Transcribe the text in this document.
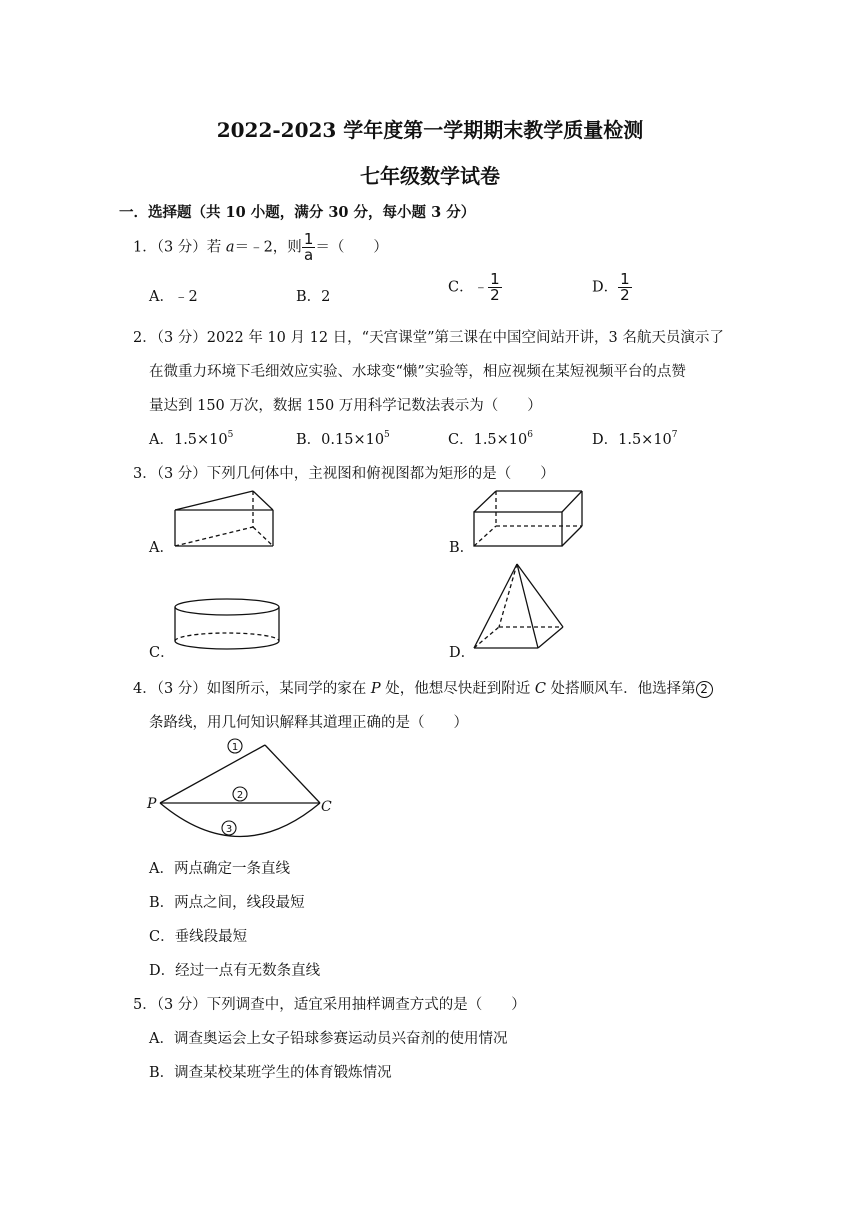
2022-2023 学年度第一学期期末教学质量检测
七年级数学试卷
一．选择题（共 10 小题，满分 30 分，每小题 3 分）
1．（3 分）若 a＝﹣2，则 $\frac{1}{a}$ ＝（　　）
A．﹣2	B．2
C．﹣ $\frac{1}{2}$	D． $\frac{1}{2}$
2．（3 分）2022 年 10 月 12 日，“天宫课堂”第三课在中国空间站开讲，3 名航天员演示了
在微重力环境下毛细效应实验、水球变“懒”实验等，相应视频在某短视频平台的点赞
量达到 150 万次，数据 150 万用科学记数法表示为（　　）
A．$1.5\times 10^5$	B．$0.15\times 10^5$	C．$1.5\times 10^6$	D．$1.5\times 10^7$
3．（3 分）下列几何体中，主视图和俯视图都为矩形的是（　　）
A．	B．
C．	D．
4．（3 分）如图所示，某同学的家在 P 处，他想尽快赶到附近 C 处搭顺风车．他选择第 2
条路线，用几何知识解释其道理正确的是（　　）
P	C
1
2
3
A．两点确定一条直线
B．两点之间，线段最短
C．垂线段最短
D．经过一点有无数条直线
5．（3 分）下列调查中，适宜采用抽样调查方式的是（　　）
A．调查奥运会上女子铅球参赛运动员兴奋剂的使用情况
B．调查某校某班学生的体育锻炼情况
